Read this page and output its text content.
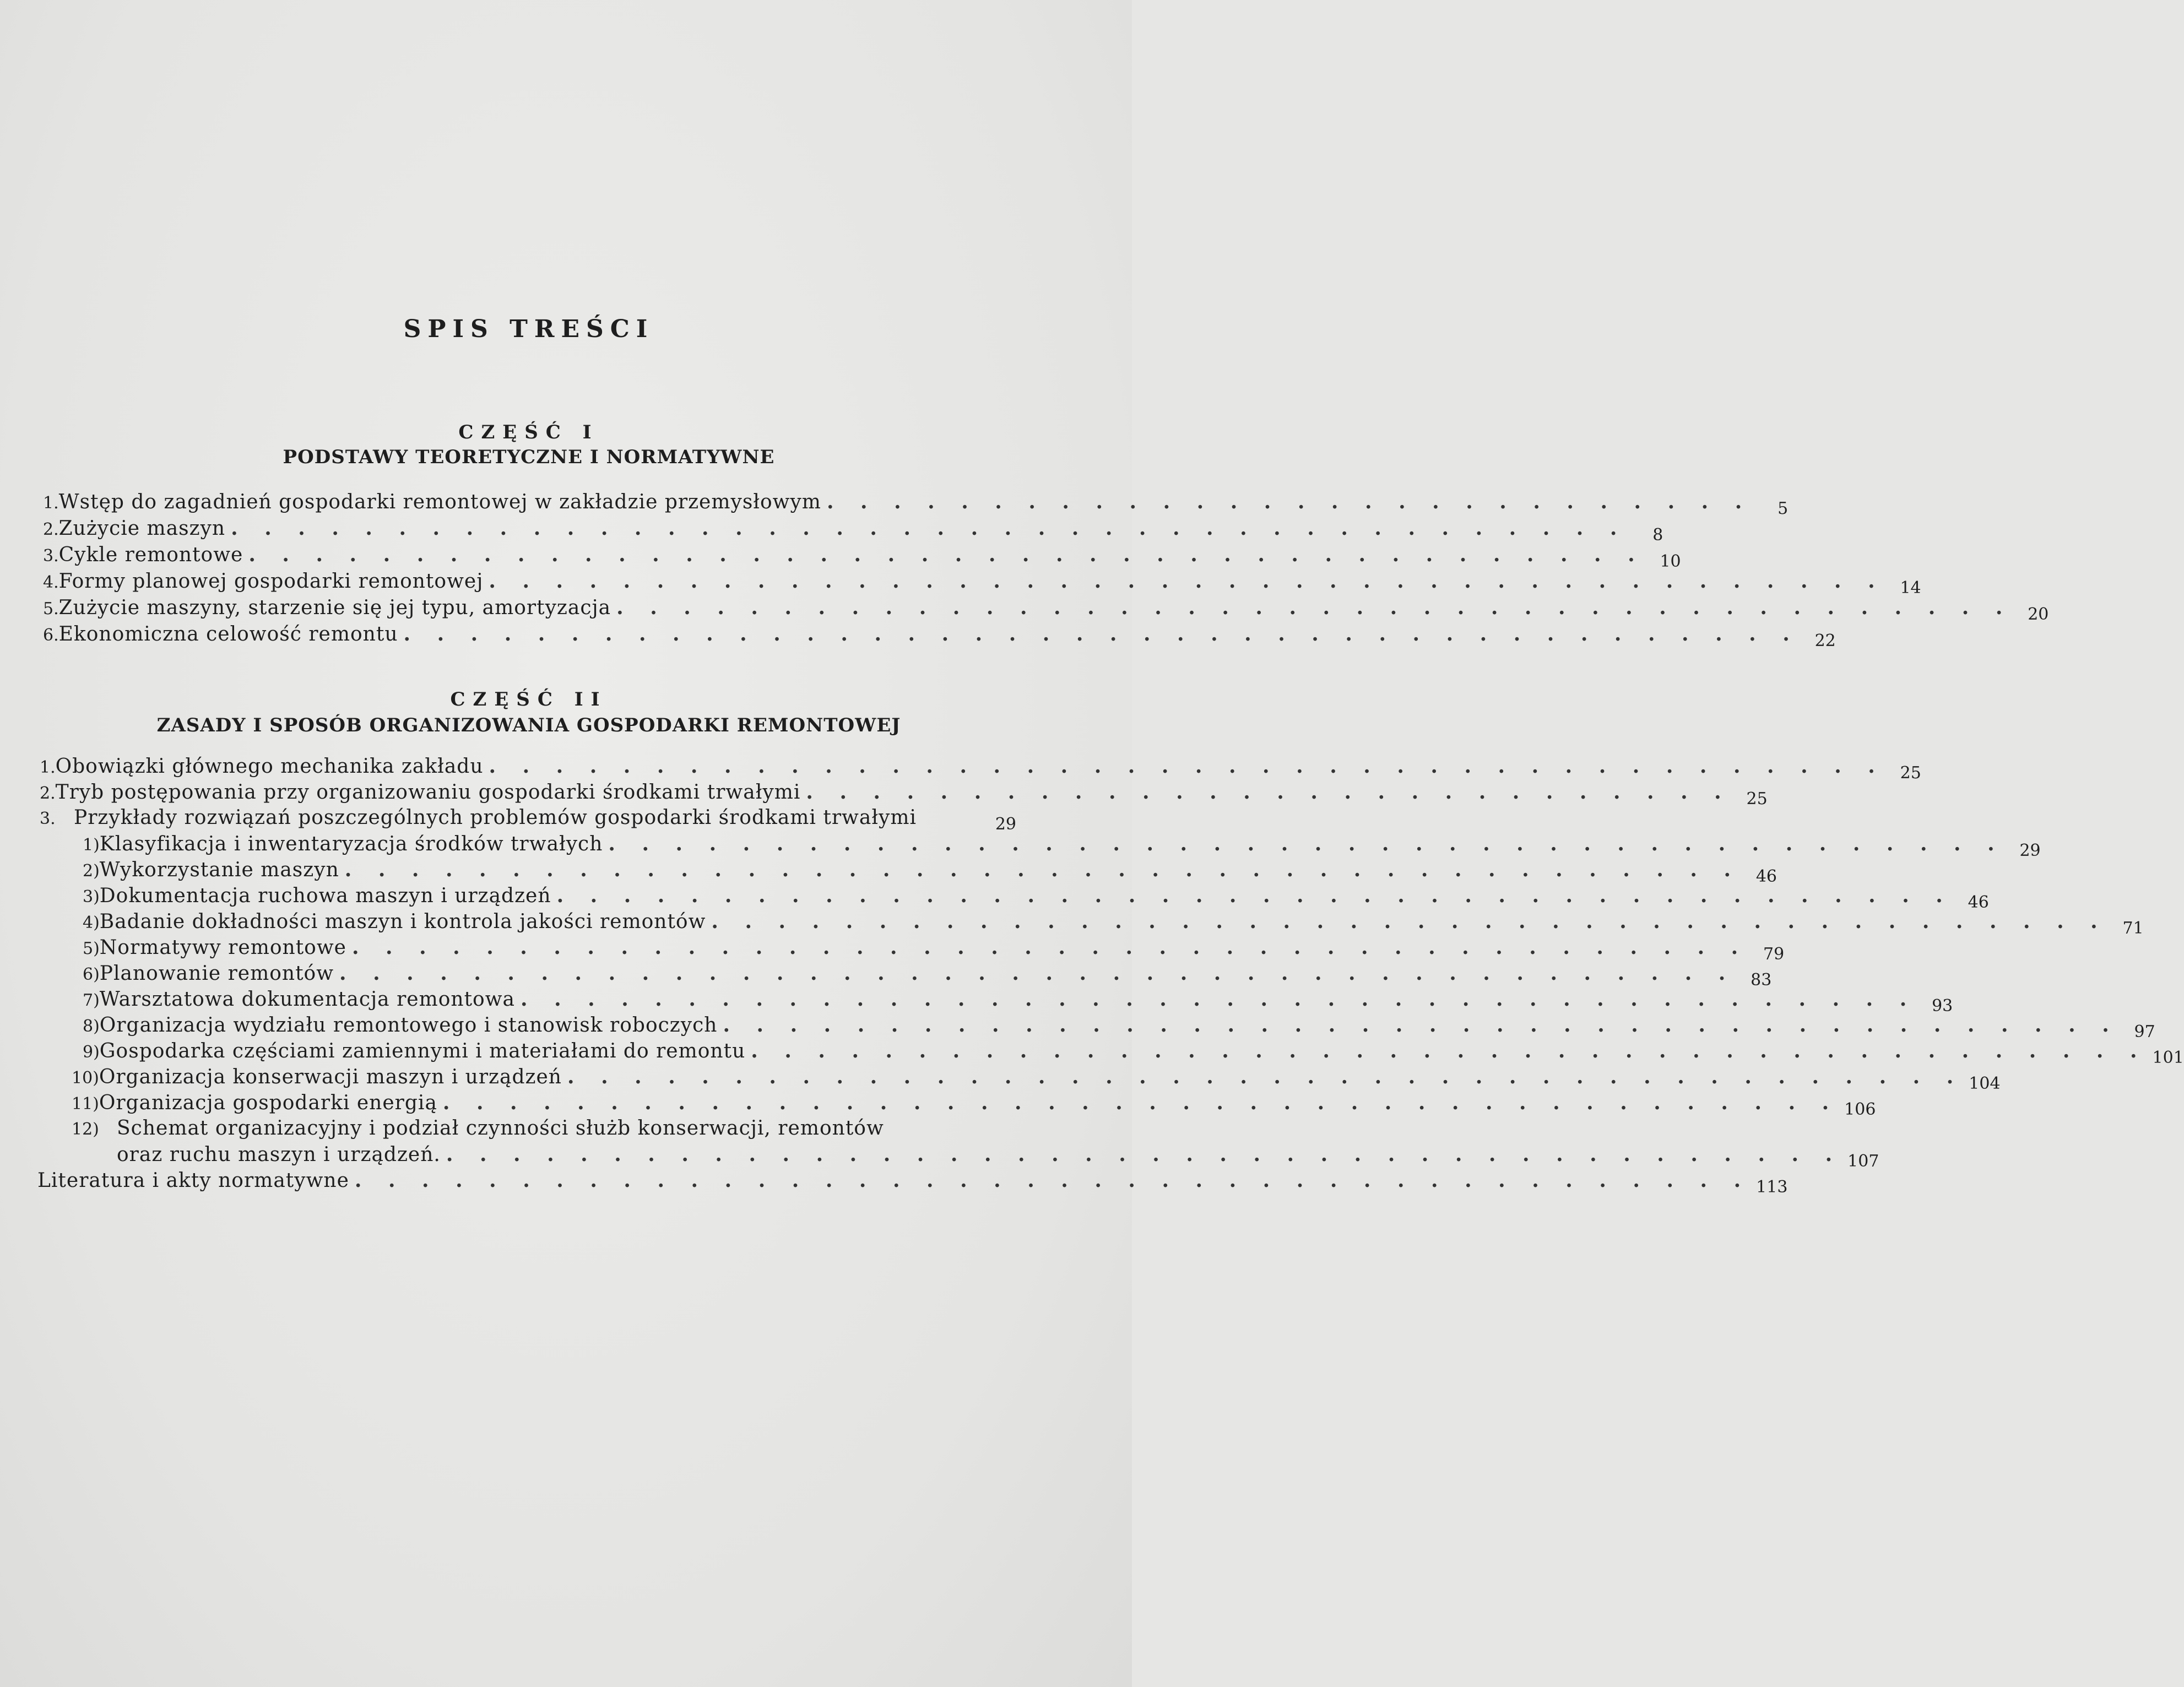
SPIS TREŚCI
CZĘŚĆ I
PODSTAWY TEORETYCZNE I NORMATYWNE
1. Wstęp do zagadnień gospodarki remontowej w zakładzie przemysłowym . . . . . . . . . . . . . . . . . . . . . . . . . . . .	5
2. Zużycie maszyn . . . . . . . . . . . . . . . . . . . . . . . . . . . . . . . . . . . . . . . . . .	8
3. Cykle remontowe . . . . . . . . . . . . . . . . . . . . . . . . . . . . . . . . . . . . . . . . . . 10
4. Formy planowej gospodarki remontowej . . . . . . . . . . . . . . . . . . . . . . . . . . . . . . . . . . . . . . . . . . 14
5. Zużycie maszyny, starzenie się jej typu, amortyzacja . . . . . . . . . . . . . . . . . . . . . . . . . . . . . . . . . . . . . . . . . . 20
6. Ekonomiczna celowość remontu . . . . . . . . . . . . . . . . . . . . . . . . . . . . . . . . . . . . . . . . . . 22
CZĘŚĆ II
ZASADY I SPOSÓB ORGANIZOWANIA GOSPODARKI REMONTOWEJ
1. Obowiązki głównego mechanika zakładu . . . . . . . . . . . . . . . . . . . . . . . . . . . . . . . . . . . . . . . . . . 25
2. Tryb postępowania przy organizowaniu gospodarki środkami trwałymi . . . . . . . . . . . . . . . . . . . . . . . . . . . . 25
3. Przykłady rozwiązań poszczególnych problemów gospodarki środkami trwałymi	29
1) Klasyfikacja i inwentaryzacja środków trwałych . . . . . . . . . . . . . . . . . . . . . . . . . . . . . . . . . . . . . . . . . . 29
2) Wykorzystanie maszyn . . . . . . . . . . . . . . . . . . . . . . . . . . . . . . . . . . . . . . . . . . 46
3) Dokumentacja ruchowa maszyn i urządzeń . . . . . . . . . . . . . . . . . . . . . . . . . . . . . . . . . . . . . . . . . . 46
4) Badanie dokładności maszyn i kontrola jakości remontów . . . . . . . . . . . . . . . . . . . . . . . . . . . . . . . . . . . . . . . . . . 71
5) Normatywy remontowe . . . . . . . . . . . . . . . . . . . . . . . . . . . . . . . . . . . . . . . . . . 79
6) Planowanie remontów . . . . . . . . . . . . . . . . . . . . . . . . . . . . . . . . . . . . . . . . . . 83
7) Warsztatowa dokumentacja remontowa . . . . . . . . . . . . . . . . . . . . . . . . . . . . . . . . . . . . . . . . . . 93
8) Organizacja wydziału remontowego i stanowisk roboczych . . . . . . . . . . . . . . . . . . . . . . . . . . . . . . . . . . . . . . . . . . 97
9) Gospodarka częściami zamiennymi i materiałami do remontu . . . . . . . . . . . . . . . . . . . . . . . . . . . . . . . . . . . . . . . . . . 101
10) Organizacja konserwacji maszyn i urządzeń . . . . . . . . . . . . . . . . . . . . . . . . . . . . . . . . . . . . . . . . . . 104
11) Organizacja gospodarki energią . . . . . . . . . . . . . . . . . . . . . . . . . . . . . . . . . . . . . . . . . . 106
12) Schemat organizacyjny i podział czynności służb konserwacji, remontów
oraz ruchu maszyn i urządzeń. . . . . . . . . . . . . . . . . . . . . . . . . . . . . . . . . . . . . . . . . . . 107
Literatura i akty normatywne . . . . . . . . . . . . . . . . . . . . . . . . . . . . . . . . . . . . . . . . . . 113
